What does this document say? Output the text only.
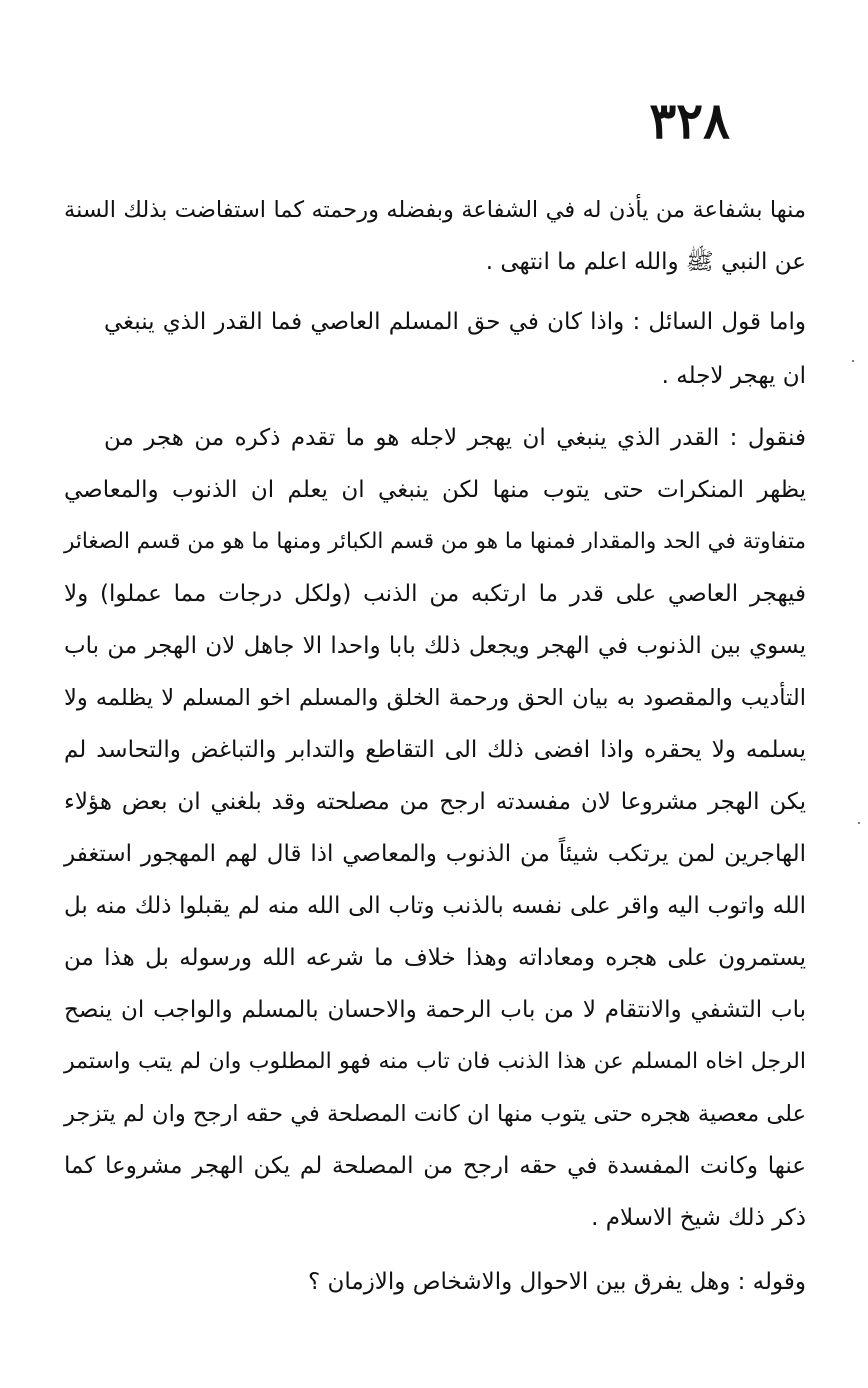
٣٢٨
منها بشفاعة من يأذن له في الشفاعة وبفضله ورحمته كما استفاضت بذلك السنة
عن النبي ﷺ والله اعلم ما انتهى .
واما قول السائل : واذا كان في حق المسلم العاصي فما القدر الذي ينبغي
ان يهجر لاجله .
فنقول : القدر الذي ينبغي ان يهجر لاجله هو ما تقدم ذكره من هجر من
يظهر المنكرات حتى يتوب منها لكن ينبغي ان يعلم ان الذنوب والمعاصي
متفاوتة في الحد والمقدار فمنها ما هو من قسم الكبائر ومنها ما هو من قسم الصغائر
فيهجر العاصي على قدر ما ارتكبه من الذنب (ولكل درجات مما عملوا) ولا
يسوي بين الذنوب في الهجر ويجعل ذلك بابا واحدا الا جاهل لان الهجر من باب
التأديب والمقصود به بيان الحق ورحمة الخلق والمسلم اخو المسلم لا يظلمه ولا
يسلمه ولا يحقره واذا افضى ذلك الى التقاطع والتدابر والتباغض والتحاسد لم
يكن الهجر مشروعا لان مفسدته ارجح من مصلحته وقد بلغني ان بعض هؤلاء
الهاجرين لمن يرتكب شيئاً من الذنوب والمعاصي اذا قال لهم المهجور استغفر
الله واتوب اليه واقر على نفسه بالذنب وتاب الى الله منه لم يقبلوا ذلك منه بل
يستمرون على هجره ومعاداته وهذا خلاف ما شرعه الله ورسوله بل هذا من
باب التشفي والانتقام لا من باب الرحمة والاحسان بالمسلم والواجب ان ينصح
الرجل اخاه المسلم عن هذا الذنب فان تاب منه فهو المطلوب وان لم يتب واستمر
على معصية هجره حتى يتوب منها ان كانت المصلحة في حقه ارجح وان لم يتزجر
عنها وكانت المفسدة في حقه ارجح من المصلحة لم يكن الهجر مشروعا كما
ذكر ذلك شيخ الاسلام .
وقوله : وهل يفرق بين الاحوال والاشخاص والازمان ؟
